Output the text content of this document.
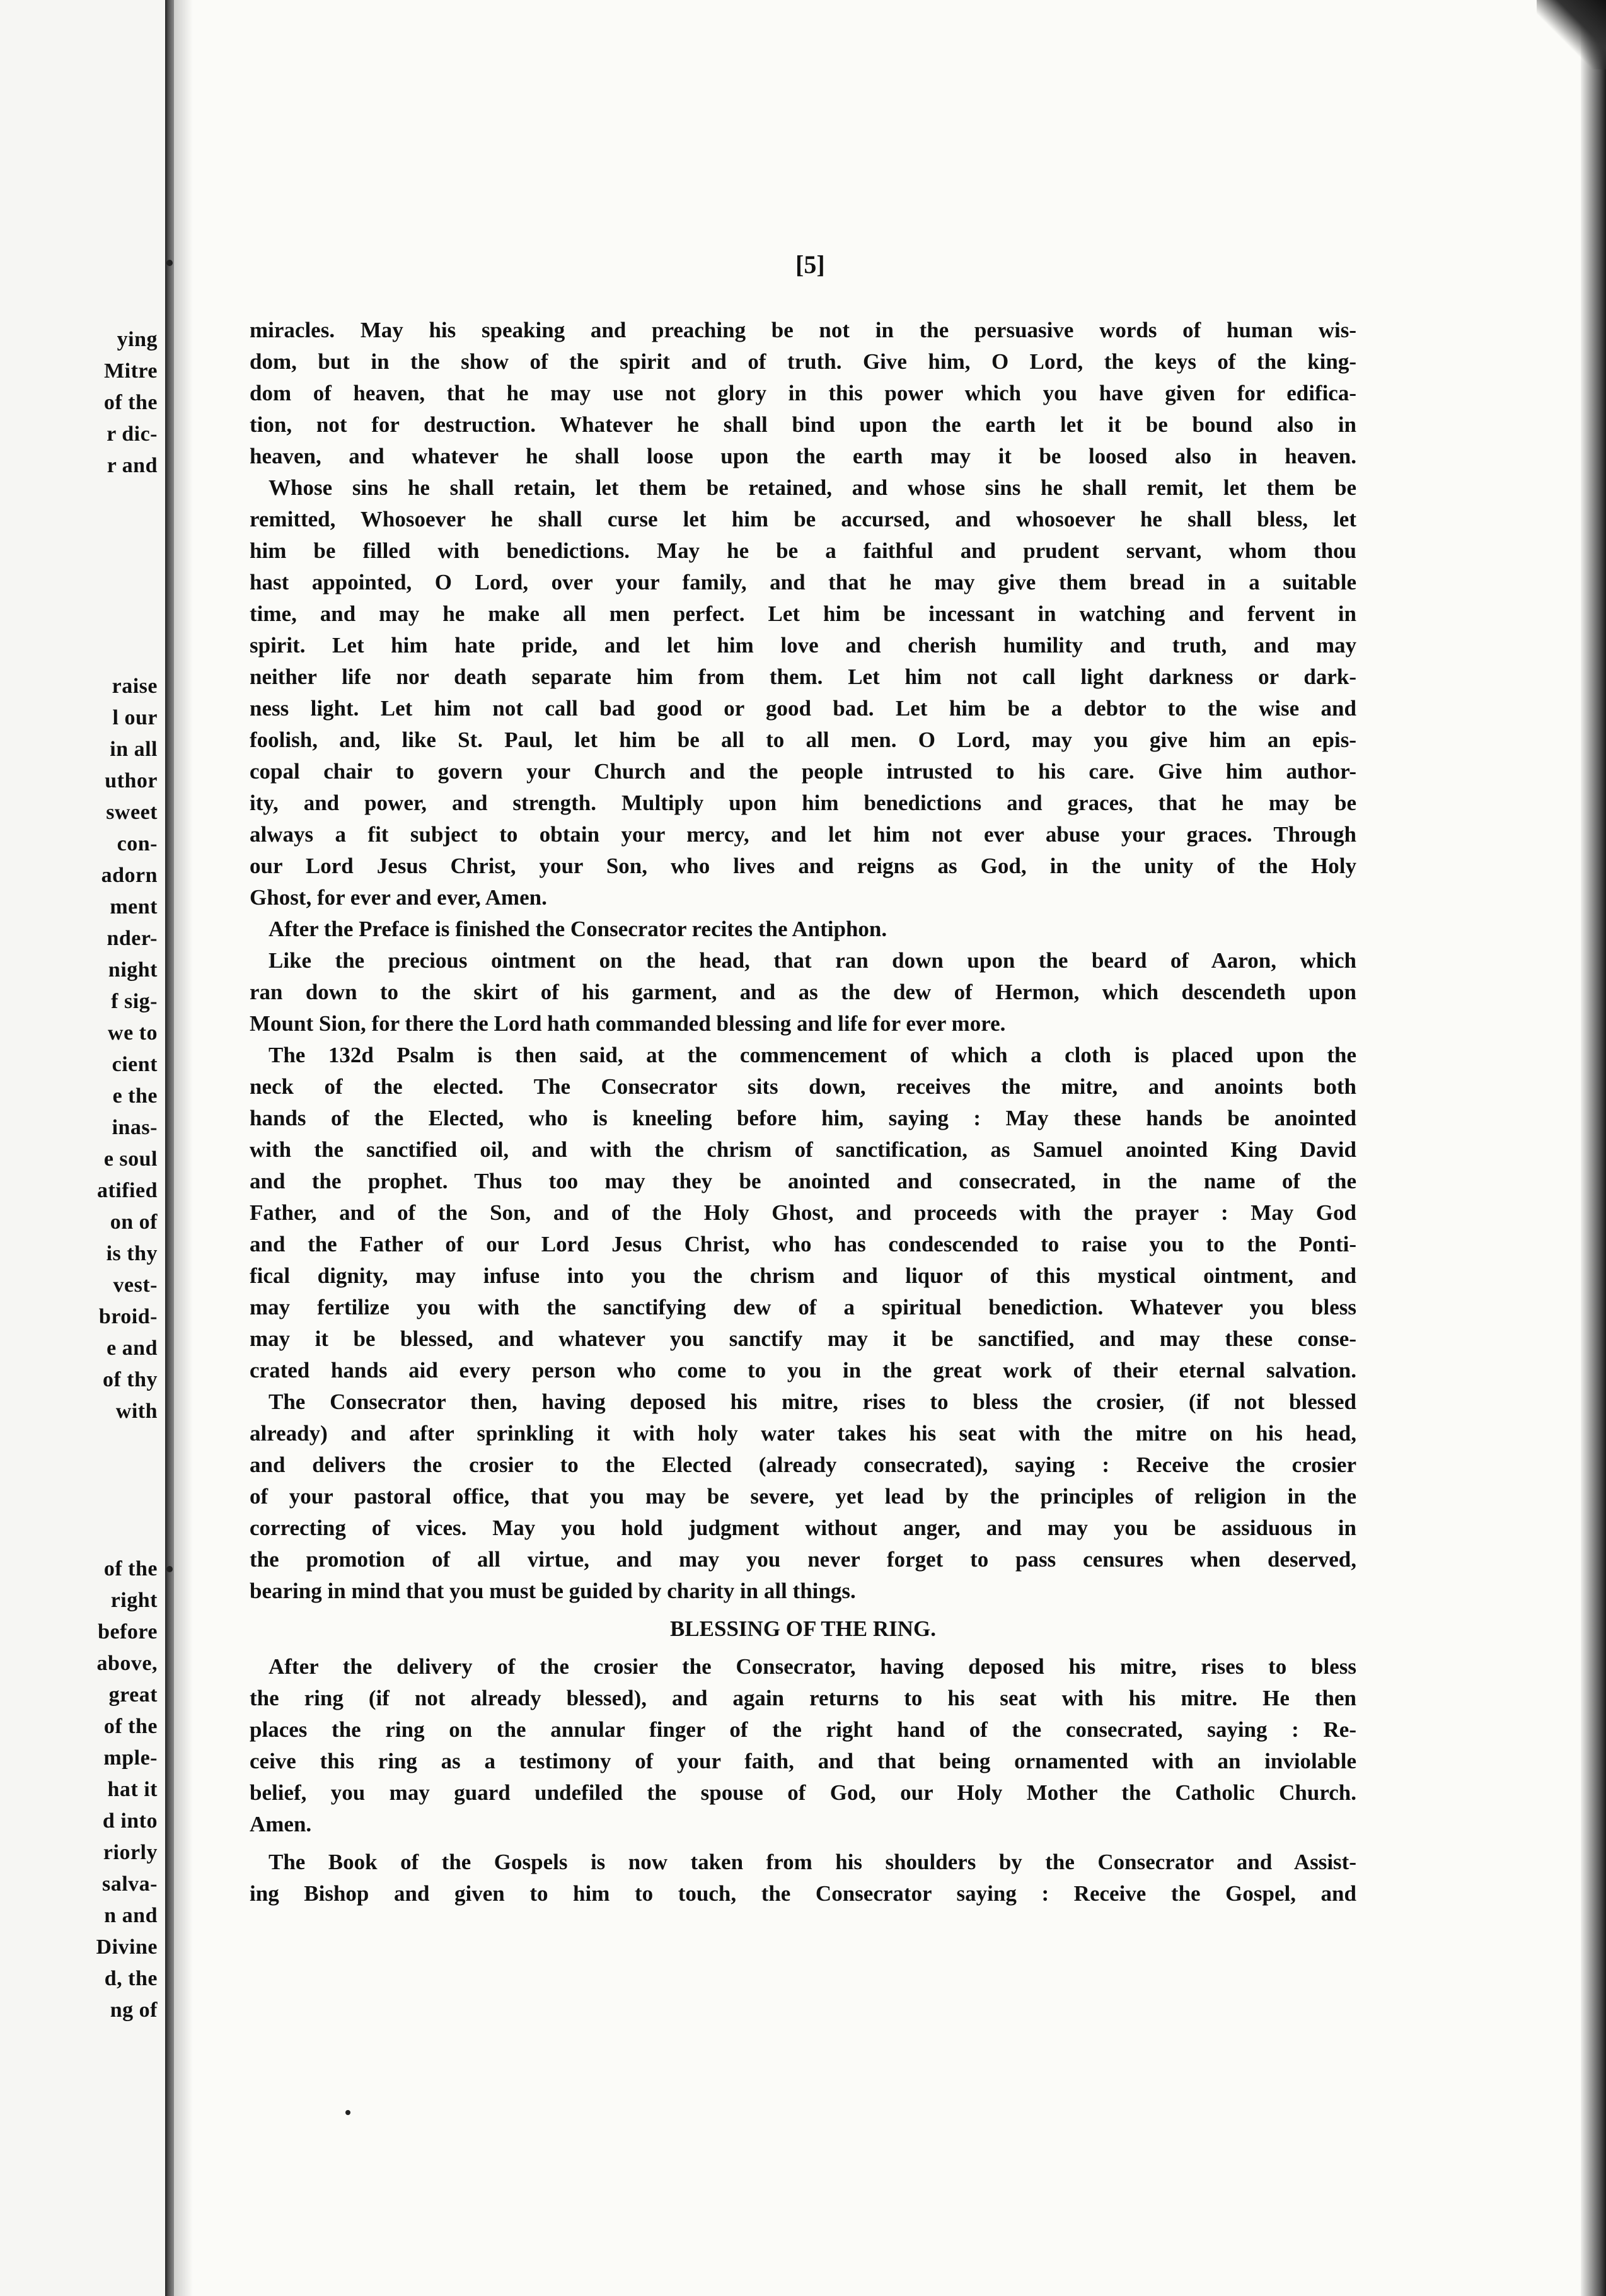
ying
Mitre
of the
r dic-
r and
raise
l our
in all
uthor
sweet
con-
adorn
ment
nder-
night
f sig-
we to
cient
e the
inas-
e soul
atified
on of
is thy
vest-
broid-
e and
of thy
with
of the
right
before
above,
great
of the
mple-
hat it
d into
riorly
salva-
n and
Divine
d, the
ng of
[5]
miracles. May his speaking and preaching be not in the persuasive words of human wis-
dom, but in the show of the spirit and of truth. Give him, O Lord, the keys of the king-
dom of heaven, that he may use not glory in this power which you have given for edifica-
tion, not for destruction. Whatever he shall bind upon the earth let it be bound also in
heaven, and whatever he shall loose upon the earth may it be loosed also in heaven.
Whose sins he shall retain, let them be retained, and whose sins he shall remit, let them be
remitted, Whosoever he shall curse let him be accursed, and whosoever he shall bless, let
him be filled with benedictions. May he be a faithful and prudent servant, whom thou
hast appointed, O Lord, over your family, and that he may give them bread in a suitable
time, and may he make all men perfect. Let him be incessant in watching and fervent in
spirit. Let him hate pride, and let him love and cherish humility and truth, and may
neither life nor death separate him from them. Let him not call light darkness or dark-
ness light. Let him not call bad good or good bad. Let him be a debtor to the wise and
foolish, and, like St. Paul, let him be all to all men. O Lord, may you give him an epis-
copal chair to govern your Church and the people intrusted to his care. Give him author-
ity, and power, and strength. Multiply upon him benedictions and graces, that he may be
always a fit subject to obtain your mercy, and let him not ever abuse your graces. Through
our Lord Jesus Christ, your Son, who lives and reigns as God, in the unity of the Holy
Ghost, for ever and ever, Amen.
After the Preface is finished the Consecrator recites the Antiphon.
Like the precious ointment on the head, that ran down upon the beard of Aaron, which
ran down to the skirt of his garment, and as the dew of Hermon, which descendeth upon
Mount Sion, for there the Lord hath commanded blessing and life for ever more.
The 132d Psalm is then said, at the commencement of which a cloth is placed upon the
neck of the elected. The Consecrator sits down, receives the mitre, and anoints both
hands of the Elected, who is kneeling before him, saying : May these hands be anointed
with the sanctified oil, and with the chrism of sanctification, as Samuel anointed King David
and the prophet. Thus too may they be anointed and consecrated, in the name of the
Father, and of the Son, and of the Holy Ghost, and proceeds with the prayer : May God
and the Father of our Lord Jesus Christ, who has condescended to raise you to the Ponti-
fical dignity, may infuse into you the chrism and liquor of this mystical ointment, and
may fertilize you with the sanctifying dew of a spiritual benediction. Whatever you bless
may it be blessed, and whatever you sanctify may it be sanctified, and may these conse-
crated hands aid every person who come to you in the great work of their eternal salvation.
The Consecrator then, having deposed his mitre, rises to bless the crosier, (if not blessed
already) and after sprinkling it with holy water takes his seat with the mitre on his head,
and delivers the crosier to the Elected (already consecrated), saying : Receive the crosier
of your pastoral office, that you may be severe, yet lead by the principles of religion in the
correcting of vices. May you hold judgment without anger, and may you be assiduous in
the promotion of all virtue, and may you never forget to pass censures when deserved,
bearing in mind that you must be guided by charity in all things.
BLESSING OF THE RING.
After the delivery of the crosier the Consecrator, having deposed his mitre, rises to bless
the ring (if not already blessed), and again returns to his seat with his mitre. He then
places the ring on the annular finger of the right hand of the consecrated, saying : Re-
ceive this ring as a testimony of your faith, and that being ornamented with an inviolable
belief, you may guard undefiled the spouse of God, our Holy Mother the Catholic Church.
Amen.
The Book of the Gospels is now taken from his shoulders by the Consecrator and Assist-
ing Bishop and given to him to touch, the Consecrator saying : Receive the Gospel, and
